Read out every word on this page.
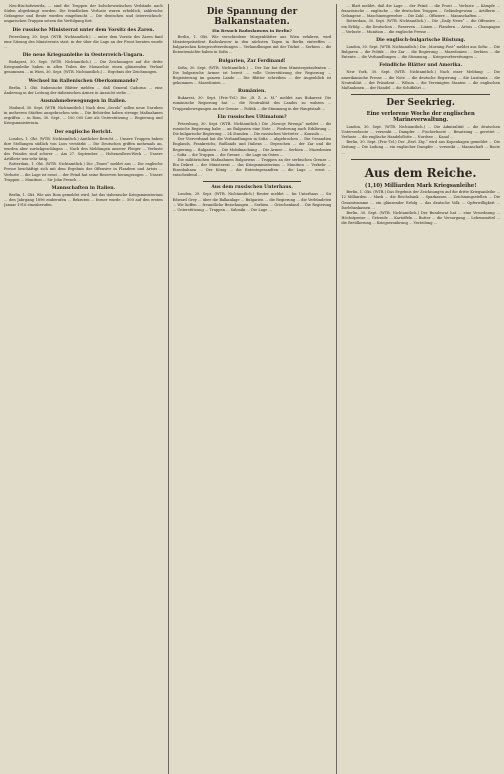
Neu-Bischofswerda, ... sind die Truppen der bolschewistischen Verbände nach Süden abgedrängt worden. Die feindlichen Verluste waren erheblich, zahlreiche Gefangene und Beute wurden eingebracht ... Die deutschen und österreichisch-ungarischen Truppen setzen die Verfolgung fort.

Die russische Ministerrat unter dem Vorsitz des Zaren.

Petersburg, 30. Sept. (WTB. Nichtamtlich.) ... unter dem Vorsitz des Zaren fand eine Sitzung des Ministerrats statt, in der über die Lage an der Front beraten wurde ...

Die neue Kriegsanleihe in Oesterreich-Ungarn.

Budapest, 30. Sept. (WTB. Nichtamtlich.) ... Die Zeichnungen auf die dritte Kriegsanleihe haben in allen Teilen der Monarchie einen glänzenden Verlauf genommen ... in Wien, 30. Sept. (WTB. Nichtamtlich.) ... Ergebnis der Zeichnungen.

Wechsel im italienischen Oberkommando?

Berlin, 1. Okt. Italienische Blätter melden ... daß General Cadorna ... eine Änderung in der Leitung der italienischen Armee in Aussicht stehe ...

Ausnahmebewegungen in Italien.

Mailand, 30. Sept. (WTB. Nichtamtlich.) Nach dem „Secolo“ sollen neue Unruhen in mehreren Städten ausgebrochen sein ... Die Behörden haben strenge Maßnahmen ergriffen ... in Rom, 30. Sept. ... 100 000 Lire als Unterstützung ... Regierung und Kriegsministerium.

Der englische Bericht.

London, 1. Okt. (WTB. Nichtamtlich.) Amtlicher Bericht ... Unsere Truppen haben ihre Stellungen südlich von Loos verstärkt ... Die Deutschen griffen mehrmals an, wurden aber zurückgeschlagen ... Nach den Meldungen unserer Flieger ... Verluste des Feindes sind schwer ... Am 27. September ... Hohenzollern-Werk ... Unsere Artillerie war sehr tätig.

Rotterdam, 1. Okt. (WTB. Nichtamtlich.) Die „Times“ meldet aus ... Die englische Presse beschäftigt sich mit dem Ergebnis der Offensive in Flandern und Artois ... Verluste ... die Lage ist ernst ... der Feind hat seine Reserven herangezogen ... Unsere Truppen ... Munition ... Sir John French ...

Mannschaften in Italien.

Berlin, 1. Okt. Wie aus Rom gemeldet wird, hat das italienische Kriegsministerium ... den Jahrgang 1896 einberufen ... Rekruten ... ferner wurde ... 500 auf den ersten Januar 1916 einzuberufen.

Die Spannung der Balkanstaaten.
Ein Besuch Radoslawows in Berlin?

Berlin, 1. Okt. Wie verschiedene Morgenblätter aus Wien erfahren, wird Ministerpräsident Radoslawow in den nächsten Tagen in Berlin eintreffen ... bulgarischen Kriegsvorbereitungen ... Verhandlungen mit der Türkei ... Serbien ... die Ententemächte haben in Sofia ...

Bulgarien, Zar Ferdinand!

Sofia, 30. Sept. (WTB. Nichtamtlich.) ... Der Zar hat dem Ministerpräsidenten ... Die bulgarische Armee ist bereit ... volle Unterstützung der Regierung ... Begeisterung im ganzen Lande ... Die Blätter schreiben ... der Augenblick ist gekommen ... Mazedonien ...

Rumänien.

Bukarest, 30. Sept. (Priv.-Tel.) Die „B. Z. a. M.“ meldet aus Bukarest: Die rumänische Regierung hat ... die Neutralität des Landes zu wahren ... Truppenbewegungen an der Grenze ... Politik ... die Stimmung in der Hauptstadt ...

Ein russisches Ultimatum?

Petersburg, 30. Sept. (WTB. Nichtamtlich.) Die „Nowoje Wremja“ meldet ... die russische Regierung habe ... an Bulgarien eine Note ... Forderung nach Erklärung ... Die bulgarische Regierung ... 24 Stunden ... Die russischen Vertreter ... Konsuln ...

Der Vierverband hat die Verhandlungen in Sofia ... abgebrochen ... Die Gesandten Englands, Frankreichs, Rußlands und Italiens ... Depeschen ... der Zar und die Regierung ... Bulgarien ... Die Mobilmachung ... Die Armee ... Serbien ... Mazedonien ... Sofia ... die Truppen ... die Grenze ... die Lage im Osten ...

Die militärischen Maßnahmen Bulgariens ... Truppen an der serbischen Grenze ... Ein Dekret ... der Ministerrat ... das Kriegsministerium ... Munition ... Verkehr ... Eisenbahnen ... Der König ... die Ententegesandten ... die Lage ... ernst ... entscheidend ...

Aus dem russischen Unterhaus.

London, 29. Sept. (WTB. Nichtamtlich.) Reuter meldet ... Im Unterhaus ... Sir Edward Grey ... über die Balkanlage ... Bulgarien ... die Regierung ... die Verbündeten ... Wir hoffen ... freundliche Beziehungen ... Serbien ... Griechenland ... Die Regierung ... Unterstützung ... Truppen ... Saloniki ... Die Lage ...

... Blatt meldet, daß die Lage ... der Feind ... die Front ... Verluste ... Kämpfe ... französische ... englische ... die deutschen Truppen ... Geländegewinn ... Artillerie ... Gefangene ... Maschinengewehre ... Die Zahl ... Offiziere ... Mannschaften ...

Rotterdam, 30. Sept. (WTB. Nichtamtlich.) ... Die „Daily News“ ... die Offensive ... ein Erfolg ... die Deutschen ... Reserven ... Linien ... Flandern ... Artois ... Champagne ... Verluste ... Munition ... die englische Presse ...

Die englisch-bulgarische Rüstung.

London, 30. Sept. (WTB. Nichtamtlich.) Die „Morning Post“ meldet aus Sofia: ... Die Bulgaren ... die Politik ... der Zar ... die Regierung ... Mazedonien ... Serbien ... die Entente ... die Verhandlungen ... die Stimmung ... Kriegsvorbereitungen ...

Feindliche Blätter und Amerika.

New York, 30. Sept. (WTB. Nichtamtlich.) Nach einer Meldung ... Die amerikanische Presse ... die Note ... die deutsche Regierung ... die Lusitania ... die Neutralität ... der Präsident ... Wilson ... die Vereinigten Staaten ... die englischen Maßnahmen ... der Handel ... die Schiffahrt ...

Der Seekrieg.
Eine verlorene Woche der englischen Marineverwaltung.

London, 30. Sept. (WTB. Nichtamtlich.) ... Die Admiralität ... die deutschen Unterseeboote ... versenkt ... Dampfer ... Fischerboote ... Besatzung ... gerettet ... Verluste ... die englische Handelsflotte ... Nordsee ... Kanal ...

Berlin, 30. Sept. (Priv.-Tel.) Der „Berl. Ztg.“ wird aus Kopenhagen gemeldet ... Die Zeitung ... Die Ladung ... ein englischer Dampfer ... versenkt ... Mannschaft ... Boote ...

Aus dem Reiche.
(1,10) Milliarden Mark Kriegsanleihe!

Berlin, 1. Okt. (WTB.) Das Ergebnis der Zeichnungen auf die dritte Kriegsanleihe ... 12 Milliarden ... Mark ... die Reichsbank ... Sparkassen ... Zeichnungsstellen ... Die Gesamtsumme ... ein glänzender Erfolg ... das deutsche Volk ... Opferwilligkeit ... Darlehnskassen ...

Berlin, 30. Sept. (WTB. Nichtamtlich.) Der Bundesrat hat ... eine Verordnung ... Höchstpreise ... Getreide ... Kartoffeln ... Butter ... die Versorgung ... Lebensmittel ... die Bevölkerung ... Kriegsernährung ... Verteilung ...
